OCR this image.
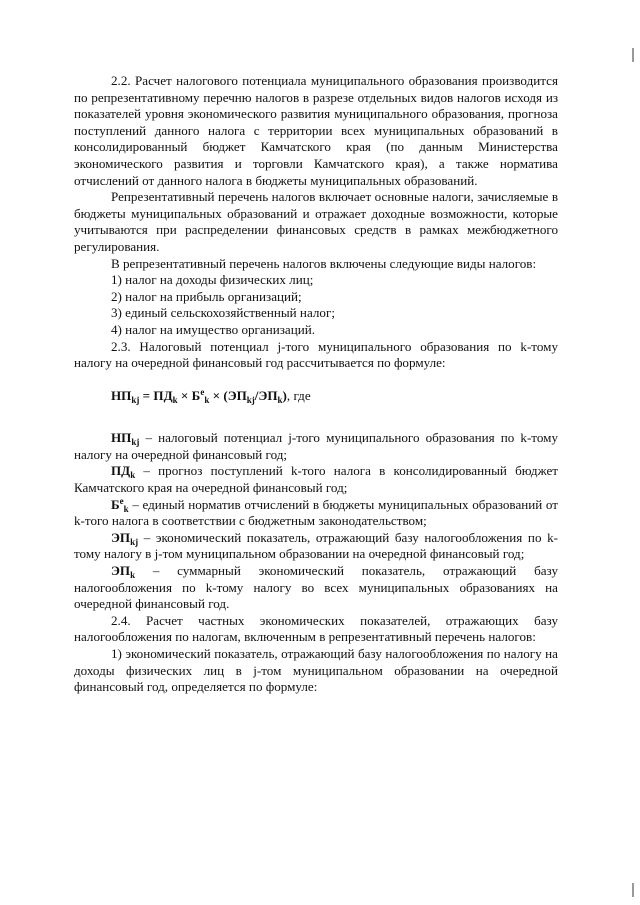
2.2. Расчет налогового потенциала муниципального образования производится по репрезентативному перечню налогов в разрезе отдельных видов налогов исходя из показателей уровня экономического развития муниципального образования, прогноза поступлений данного налога с территории всех муниципальных образований в консолидированный бюджет Камчатского края (по данным Министерства экономического развития и торговли Камчатского края), а также норматива отчислений от данного налога в бюджеты муниципальных образований.

Репрезентативный перечень налогов включает основные налоги, зачисляемые в бюджеты муниципальных образований и отражает доходные возможности, которые учитываются при распределении финансовых средств в рамках межбюджетного регулирования.

В репрезентативный перечень налогов включены следующие виды налогов:

1) налог на доходы физических лиц;

2) налог на прибыль организаций;

3) единый сельскохозяйственный налог;

4) налог на имущество организаций.

2.3. Налоговый потенциал j-того муниципального образования по k-тому налогу на очередной финансовый год рассчитывается по формуле:

$НП_{kj} = ПД_k \times Б^e_k \times (ЭП_{kj}/ЭП_k)$, где

$НП_{kj}$ – налоговый потенциал j-того муниципального образования по k-тому налогу на очередной финансовый год;

$ПД_k$ – прогноз поступлений k-того налога в консолидированный бюджет Камчатского края на очередной финансовый год;

$Б^e_k$ – единый норматив отчислений в бюджеты муниципальных образований от k-того налога в соответствии с бюджетным законодательством;

$ЭП_{kj}$ – экономический показатель, отражающий базу налогообложения по k-тому налогу в j-том муниципальном образовании на очередной финансовый год;

$ЭП_k$ – суммарный экономический показатель, отражающий базу налогообложения по k-тому налогу во всех муниципальных образованиях на очередной финансовый год.

2.4. Расчет частных экономических показателей, отражающих базу налогообложения по налогам, включенным в репрезентативный перечень налогов:

1) экономический показатель, отражающий базу налогообложения по налогу на доходы физических лиц в j-том муниципальном образовании на очередной финансовый год, определяется по формуле:
